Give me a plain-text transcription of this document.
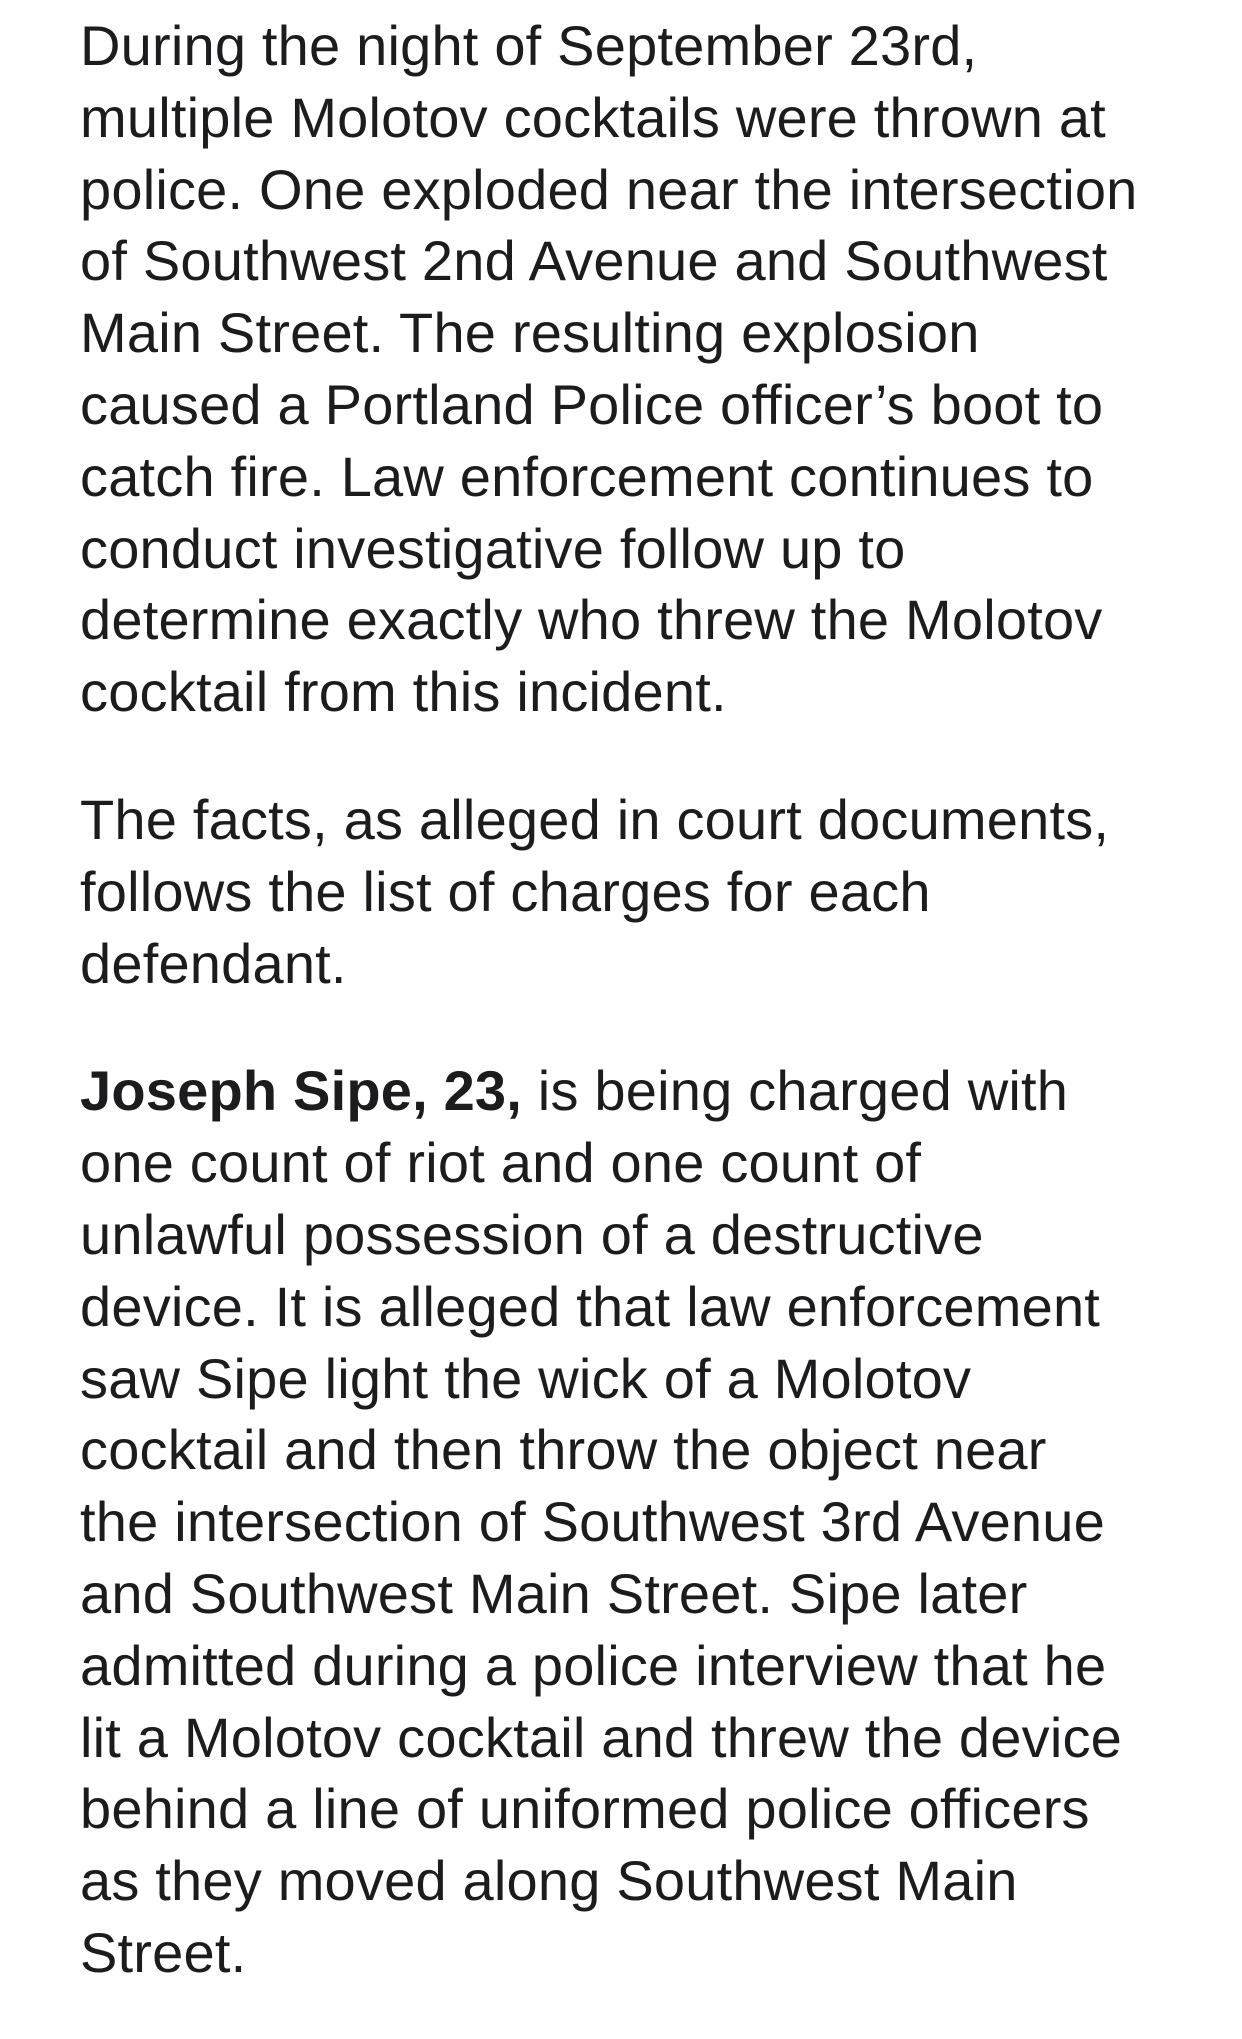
During the night of September 23rd,
multiple Molotov cocktails were thrown at
police. One exploded near the intersection
of Southwest 2nd Avenue and Southwest
Main Street. The resulting explosion
caused a Portland Police officer’s boot to
catch fire. Law enforcement continues to
conduct investigative follow up to
determine exactly who threw the Molotov
cocktail from this incident.

The facts, as alleged in court documents,
follows the list of charges for each
defendant.

Joseph Sipe, 23, is being charged with
one count of riot and one count of
unlawful possession of a destructive
device. It is alleged that law enforcement
saw Sipe light the wick of a Molotov
cocktail and then throw the object near
the intersection of Southwest 3rd Avenue
and Southwest Main Street. Sipe later
admitted during a police interview that he
lit a Molotov cocktail and threw the device
behind a line of uniformed police officers
as they moved along Southwest Main
Street.
